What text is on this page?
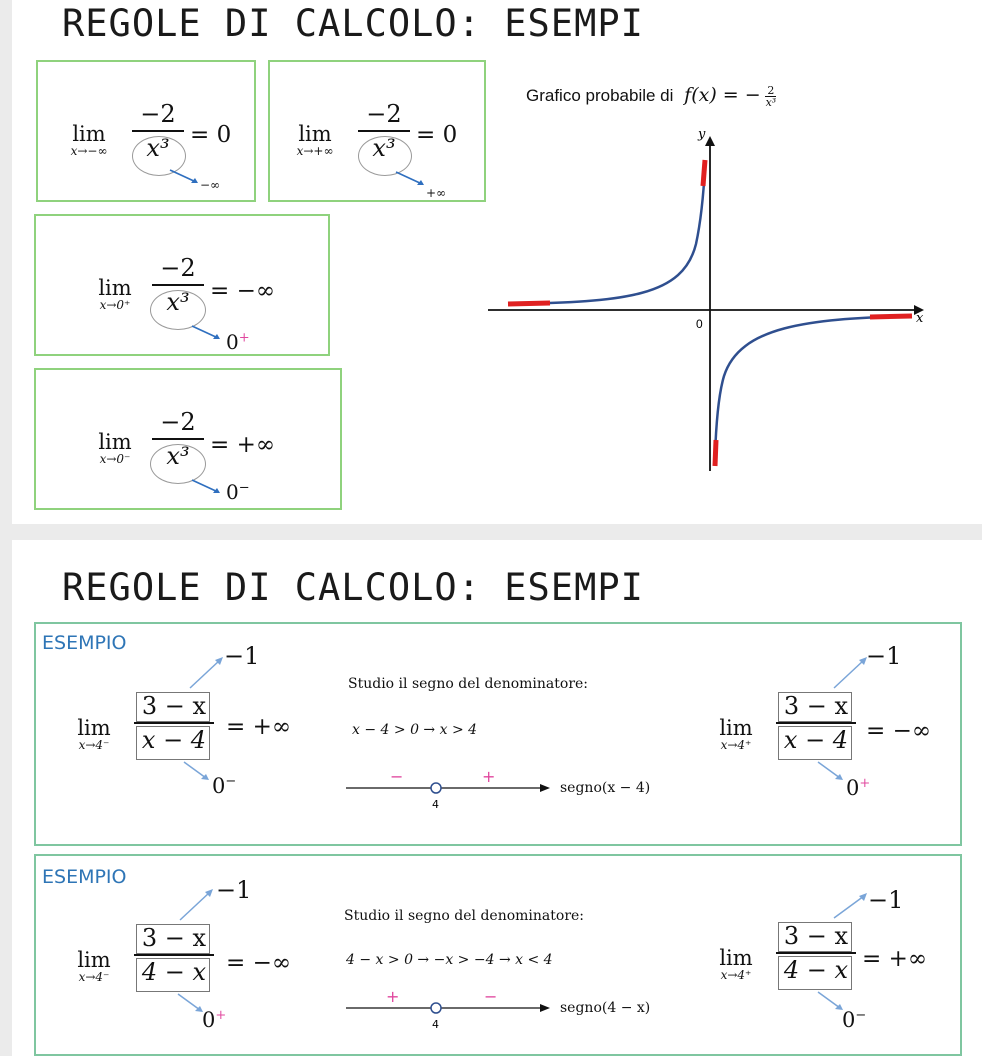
REGOLE DI CALCOLO: ESEMPI
lim
x→−∞
−2
x³ = 0
−∞
lim
x→+∞
−2
x³ = 0
+∞
lim
x→0⁺
−2
x³ = −∞
0+
lim
x→0⁻
−2
x³ = +∞
0−
Grafico probabile di f(x) = − $\frac{2}{\text{x³}}$
y
x
0
REGOLE DI CALCOLO: ESEMPI
ESEMPIO
lim
x→4⁻
3 − x
x − 4 = +∞
−1
0−
Studio il segno del denominatore:
x − 4 > 0 → x > 4
−	+
4
segno(x − 4)
lim
x→4⁺
3 − x
x − 4 = −∞
−1
0+
ESEMPIO
lim
x→4⁻
3 − x
4 − x = −∞
−1
0+
Studio il segno del denominatore:
4 − x > 0 → −x > −4 → x < 4
+	−
4
segno(4 − x)
lim
x→4⁺
3 − x
4 − x = +∞
−1
0−
